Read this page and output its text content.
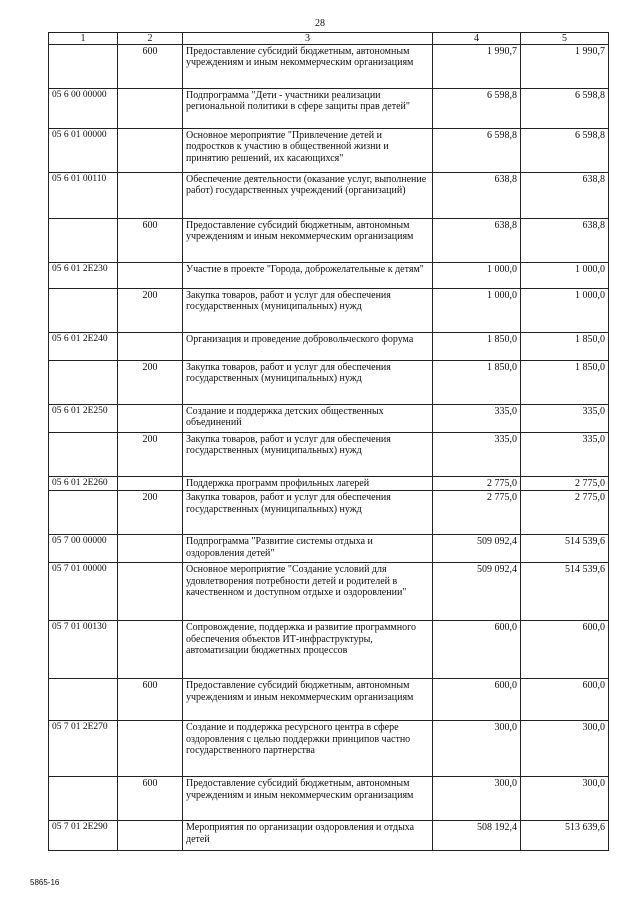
28
1	2	3	4	5
	600	Предоставление субсидий бюджетным, автономным учреждениям и иным некоммерческим организациям	1 990,7	1 990,7
05 6 00 00000		Подпрограмма "Дети - участники реализации региональной политики в сфере защиты прав детей"	6 598,8	6 598,8
05 6 01 00000		Основное мероприятие "Привлечение детей и подростков к участию в общественной жизни и принятию решений, их касающихся"	6 598,8	6 598,8
05 6 01 00110		Обеспечение деятельности (оказание услуг, выполнение работ) государственных учреждений (организаций)	638,8	638,8
	600	Предоставление субсидий бюджетным, автономным учреждениям и иным некоммерческим организациям	638,8	638,8
05 6 01 2Е230		Участие в проекте "Города, доброжелательные к детям"	1 000,0	1 000,0
	200	Закупка товаров, работ и услуг для обеспечения государственных (муниципальных) нужд	1 000,0	1 000,0
05 6 01 2Е240		Организация и проведение добровольческого форума	1 850,0	1 850,0
	200	Закупка товаров, работ и услуг для обеспечения государственных (муниципальных) нужд	1 850,0	1 850,0
05 6 01 2Е250		Создание и поддержка детских общественных объединений	335,0	335,0
	200	Закупка товаров, работ и услуг для обеспечения государственных (муниципальных) нужд	335,0	335,0
05 6 01 2Е260		Поддержка программ профильных лагерей	2 775,0	2 775,0
	200	Закупка товаров, работ и услуг для обеспечения государственных (муниципальных) нужд	2 775,0	2 775,0
05 7 00 00000		Подпрограмма "Развитие системы отдыха и оздоровления детей"	509 092,4	514 539,6
05 7 01 00000		Основное мероприятие "Создание условий для удовлетворения потребности детей и родителей в качественном и доступном отдыхе и оздоровлении"	509 092,4	514 539,6
05 7 01 00130		Сопровождение, поддержка и развитие программного обеспечения объектов ИТ-инфраструктуры, автоматизации бюджетных процессов	600,0	600,0
	600	Предоставление субсидий бюджетным, автономным учреждениям и иным некоммерческим организациям	600,0	600,0
05 7 01 2Е270		Создание и поддержка ресурсного центра в сфере оздоровления с целью поддержки принципов частно государственного партнерства	300,0	300,0
	600	Предоставление субсидий бюджетным, автономным учреждениям и иным некоммерческим организациям	300,0	300,0
05 7 01 2Е290		Мероприятия по организации оздоровления и отдыха детей	508 192,4	513 639,6
5865-16
